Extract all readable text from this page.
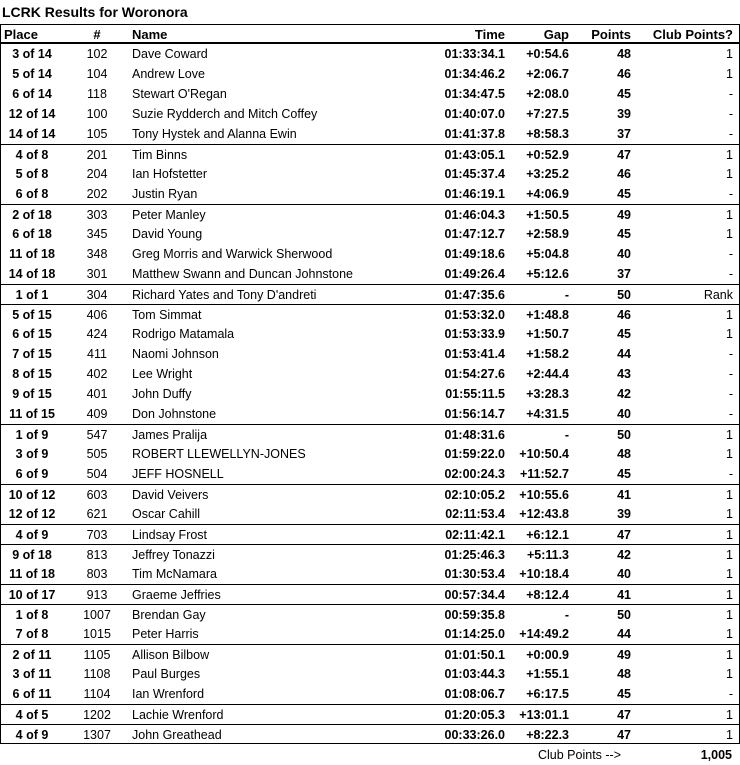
LCRK Results for Woronora
Place	#	Name	Time	Gap	Points	Club Points?
3 of 14	102	Dave Coward	01:33:34.1	+0:54.6	48	1
5 of 14	104	Andrew Love	01:34:46.2	+2:06.7	46	1
6 of 14	118	Stewart O'Regan	01:34:47.5	+2:08.0	45	-
12 of 14	100	Suzie Rydderch and Mitch Coffey	01:40:07.0	+7:27.5	39	-
14 of 14	105	Tony Hystek and Alanna Ewin	01:41:37.8	+8:58.3	37	-
4 of 8	201	Tim Binns	01:43:05.1	+0:52.9	47	1
5 of 8	204	Ian Hofstetter	01:45:37.4	+3:25.2	46	1
6 of 8	202	Justin Ryan	01:46:19.1	+4:06.9	45	-
2 of 18	303	Peter Manley	01:46:04.3	+1:50.5	49	1
6 of 18	345	David Young	01:47:12.7	+2:58.9	45	1
11 of 18	348	Greg Morris and Warwick Sherwood	01:49:18.6	+5:04.8	40	-
14 of 18	301	Matthew Swann and Duncan Johnstone	01:49:26.4	+5:12.6	37	-
1 of 1	304	Richard Yates and Tony D'andreti	01:47:35.6	-	50	Rank
5 of 15	406	Tom Simmat	01:53:32.0	+1:48.8	46	1
6 of 15	424	Rodrigo Matamala	01:53:33.9	+1:50.7	45	1
7 of 15	411	Naomi Johnson	01:53:41.4	+1:58.2	44	-
8 of 15	402	Lee Wright	01:54:27.6	+2:44.4	43	-
9 of 15	401	John Duffy	01:55:11.5	+3:28.3	42	-
11 of 15	409	Don Johnstone	01:56:14.7	+4:31.5	40	-
1 of 9	547	James Pralija	01:48:31.6	-	50	1
3 of 9	505	ROBERT LLEWELLYN-JONES	01:59:22.0	+10:50.4	48	1
6 of 9	504	JEFF HOSNELL	02:00:24.3	+11:52.7	45	-
10 of 12	603	David Veivers	02:10:05.2	+10:55.6	41	1
12 of 12	621	Oscar Cahill	02:11:53.4	+12:43.8	39	1
4 of 9	703	Lindsay Frost	02:11:42.1	+6:12.1	47	1
9 of 18	813	Jeffrey Tonazzi	01:25:46.3	+5:11.3	42	1
11 of 18	803	Tim McNamara	01:30:53.4	+10:18.4	40	1
10 of 17	913	Graeme Jeffries	00:57:34.4	+8:12.4	41	1
1 of 8	1007	Brendan Gay	00:59:35.8	-	50	1
7 of 8	1015	Peter Harris	01:14:25.0	+14:49.2	44	1
2 of 11	1105	Allison Bilbow	01:01:50.1	+0:00.9	49	1
3 of 11	1108	Paul Burges	01:03:44.3	+1:55.1	48	1
6 of 11	1104	Ian Wrenford	01:08:06.7	+6:17.5	45	-
4 of 5	1202	Lachie Wrenford	01:20:05.3	+13:01.1	47	1
4 of 9	1307	John Greathead	00:33:26.0	+8:22.3	47	1
Club Points -->	1,005
